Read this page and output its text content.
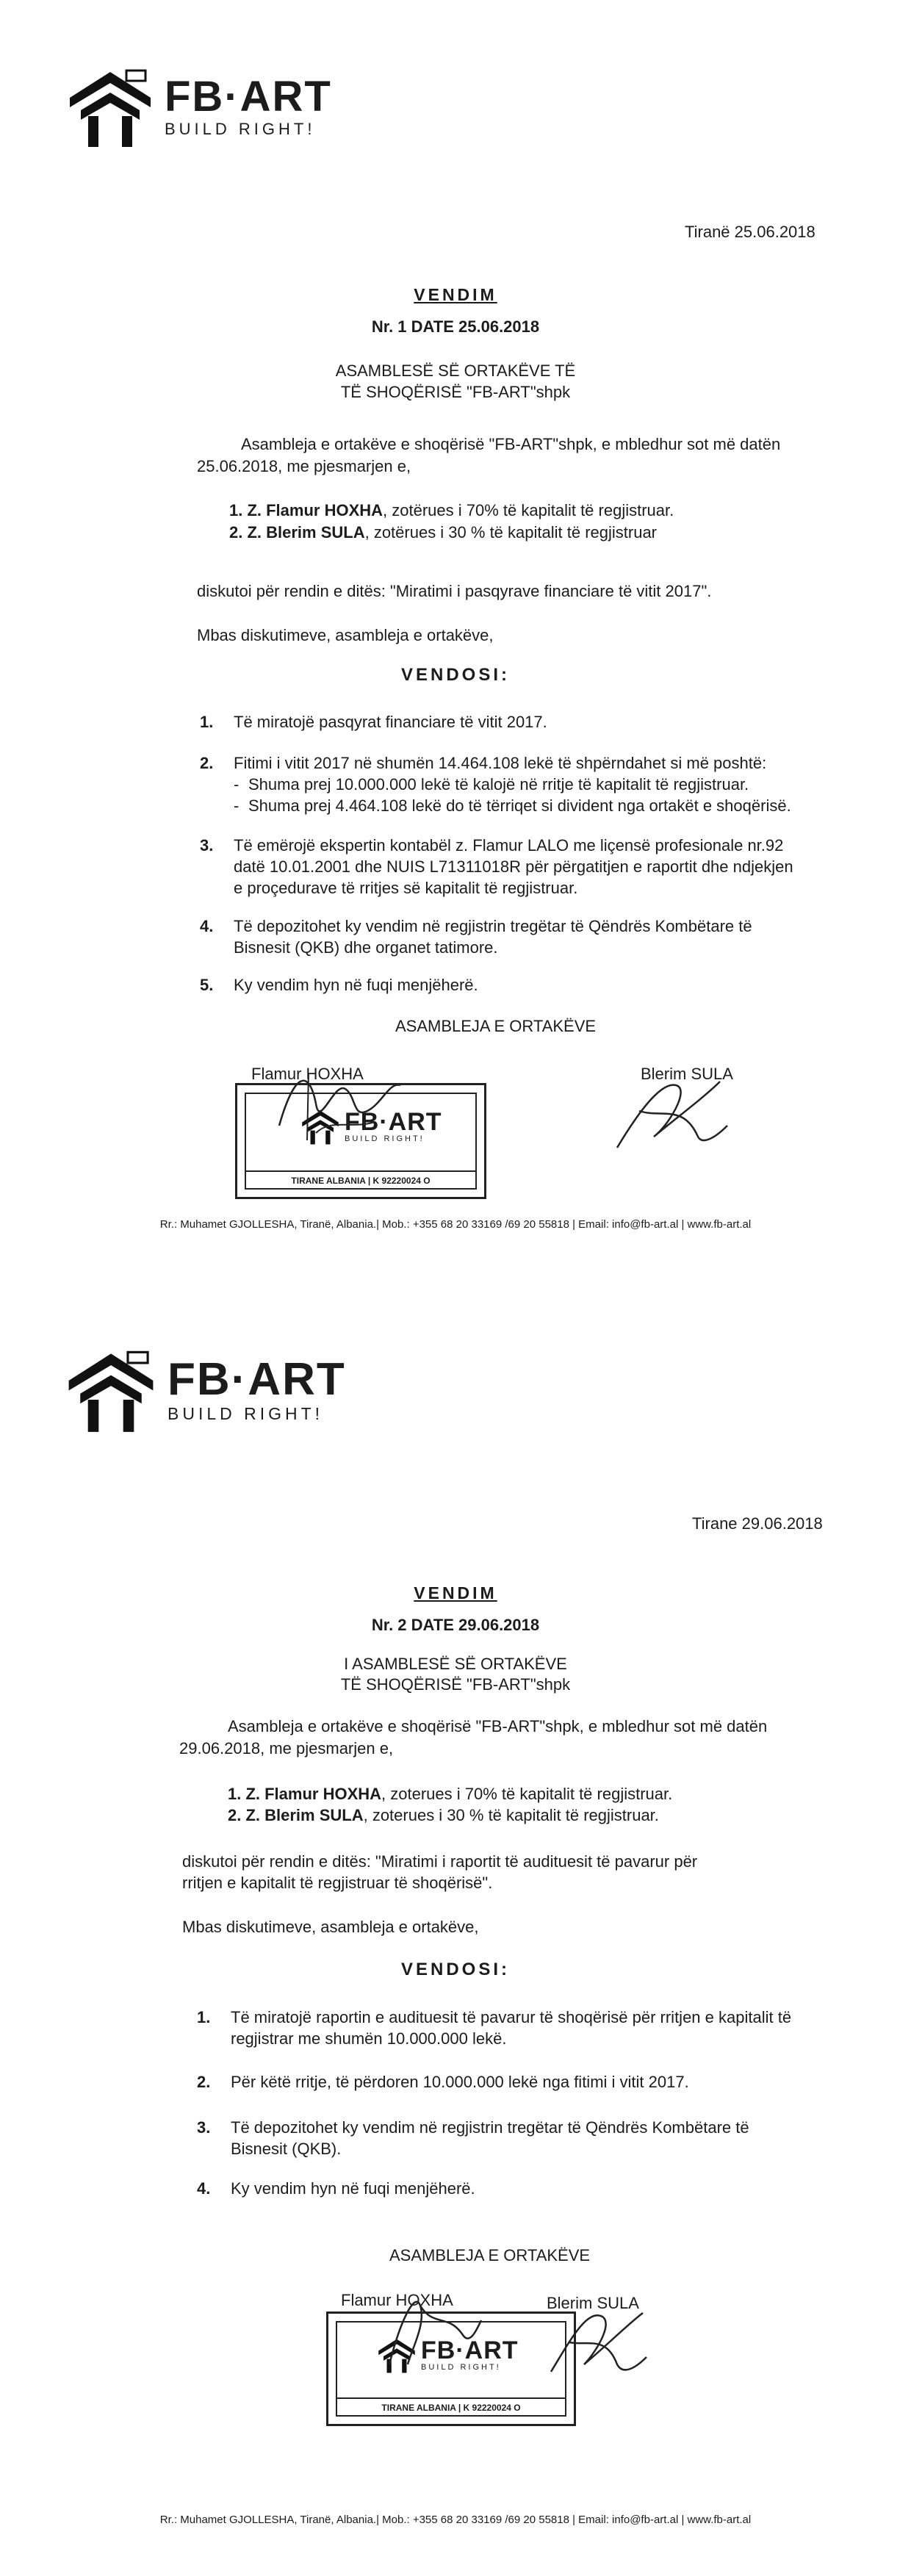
FB·ART
BUILD RIGHT!
Tiranë 25.06.2018
VENDIM
Nr. 1 DATE 25.06.2018
ASAMBLESË SË ORTAKËVE TË
TË SHOQËRISË "FB-ART"shpk
Asambleja e ortakëve e shoqërisë "FB-ART"shpk, e mbledhur sot më datën
25.06.2018, me pjesmarjen e,
1. Z. Flamur HOXHA, zotërues i 70% të kapitalit të regjistruar.
2. Z. Blerim SULA, zotërues i 30 % të kapitalit të regjistruar
diskutoi për rendin e ditës: "Miratimi i pasqyrave financiare të vitit 2017".
Mbas diskutimeve, asambleja e ortakëve,
VENDOSI:
1. Të miratojë pasqyrat financiare të vitit 2017.
2. Fitimi i vitit 2017 në shumën 14.464.108 lekë të shpërndahet si më poshtë:
- Shuma prej 10.000.000 lekë të kalojë në rritje të kapitalit të regjistruar.
- Shuma prej 4.464.108 lekë do të tërriqet si divident nga ortakët e shoqërisë.
3. Të emërojë ekspertin kontabël z. Flamur LALO me liçensë profesionale nr.92
datë 10.01.2001 dhe NUIS L71311018R për përgatitjen e raportit dhe ndjekjen
e proçedurave të rritjes së kapitalit të regjistruar.
4. Të depozitohet ky vendim në regjistrin tregëtar të Qëndrës Kombëtare të
Bisnesit (QKB) dhe organet tatimore.
5. Ky vendim hyn në fuqi menjëherë.
ASAMBLEJA E ORTAKËVE
Flamur HOXHA	Blerim SULA
FB·ART
BUILD RIGHT!
TIRANE ALBANIA | K 92220024 O
Rr.: Muhamet GJOLLESHA, Tiranë, Albania.| Mob.: +355 68 20 33169 /69 20 55818 | Email: info@fb-art.al | www.fb-art.al
FB·ART
BUILD RIGHT!
Tirane 29.06.2018
VENDIM
Nr. 2 DATE 29.06.2018
I ASAMBLESË SË ORTAKËVE
TË SHOQËRISË "FB-ART"shpk
Asambleja e ortakëve e shoqërisë "FB-ART"shpk, e mbledhur sot më datën
29.06.2018, me pjesmarjen e,
1. Z. Flamur HOXHA, zoterues i 70% të kapitalit të regjistruar.
2. Z. Blerim SULA, zoterues i 30 % të kapitalit të regjistruar.
diskutoi për rendin e ditës: "Miratimi i raportit të audituesit të pavarur për
rritjen e kapitalit të regjistruar të shoqërisë".
Mbas diskutimeve, asambleja e ortakëve,
VENDOSI:
1. Të miratojë raportin e audituesit të pavarur të shoqërisë për rritjen e kapitalit të
regjistrar me shumën 10.000.000 lekë.
2. Për këtë rritje, të përdoren 10.000.000 lekë nga fitimi i vitit 2017.
3. Të depozitohet ky vendim në regjistrin tregëtar të Qëndrës Kombëtare të
Bisnesit (QKB).
4. Ky vendim hyn në fuqi menjëherë.
ASAMBLEJA E ORTAKËVE
Flamur HOXHA	Blerim SULA
FB·ART
BUILD RIGHT!
TIRANE ALBANIA | K 92220024 O
Rr.: Muhamet GJOLLESHA, Tiranë, Albania.| Mob.: +355 68 20 33169 /69 20 55818 | Email: info@fb-art.al | www.fb-art.al
